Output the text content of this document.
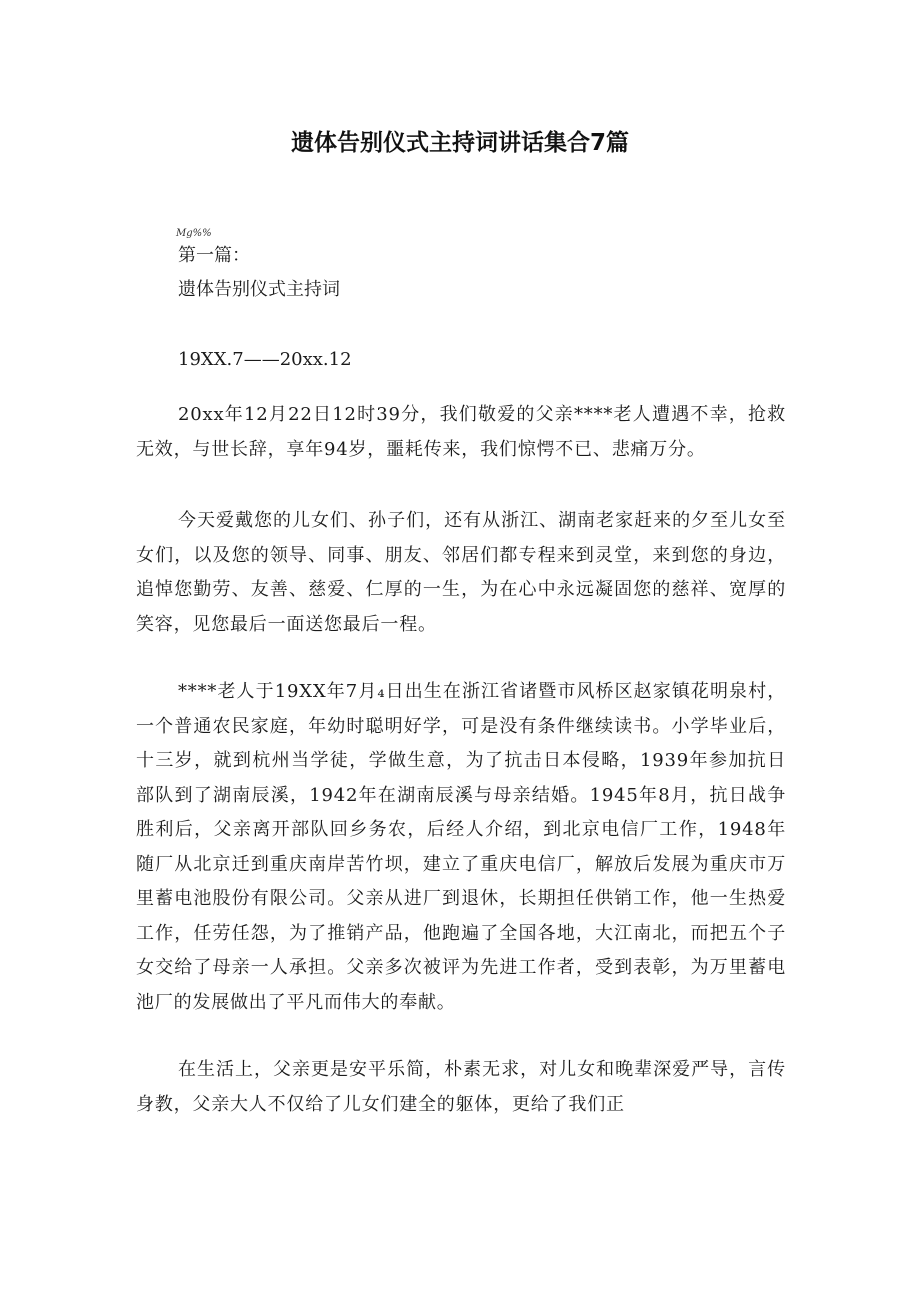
遗体告别仪式主持词讲话集合7篇
Mg%%
第一篇：
遗体告别仪式主持词
19XX.7——20xx.12

20xx年12月22日12时39分，我们敬爱的父亲****老人遭遇不幸，抢救无效，与世长辞，享年94岁，噩耗传来，我们惊愕不已、悲痛万分。

今天爱戴您的儿女们、孙子们，还有从浙江、湖南老家赶来的夕至儿女至女们，以及您的领导、同事、朋友、邻居们都专程来到灵堂，来到您的身边，追悼您勤劳、友善、慈爱、仁厚的一生，为在心中永远凝固您的慈祥、宽厚的笑容，见您最后一面送您最后一程。

****老人于19XX年7月₄日出生在浙江省诸暨市风桥区赵家镇花明泉村，一个普通农民家庭，年幼时聪明好学，可是没有条件继续读书。小学毕业后，十三岁，就到杭州当学徒，学做生意，为了抗击日本侵略，1939年参加抗日部队到了湖南辰溪，1942年在湖南辰溪与母亲结婚。1945年8月，抗日战争胜利后，父亲离开部队回乡务农，后经人介绍，到北京电信厂工作，1948年随厂从北京迁到重庆南岸苦竹坝，建立了重庆电信厂，解放后发展为重庆市万里蓄电池股份有限公司。父亲从进厂到退休，长期担任供销工作，他一生热爱工作，任劳任怨，为了推销产品，他跑遍了全国各地，大江南北，而把五个子女交给了母亲一人承担。父亲多次被评为先进工作者，受到表彰，为万里蓄电池厂的发展做出了平凡而伟大的奉献。

在生活上，父亲更是安平乐简，朴素无求，对儿女和晚辈深爱严导，言传身教，父亲大人不仅给了儿女们建全的躯体，更给了我们正
